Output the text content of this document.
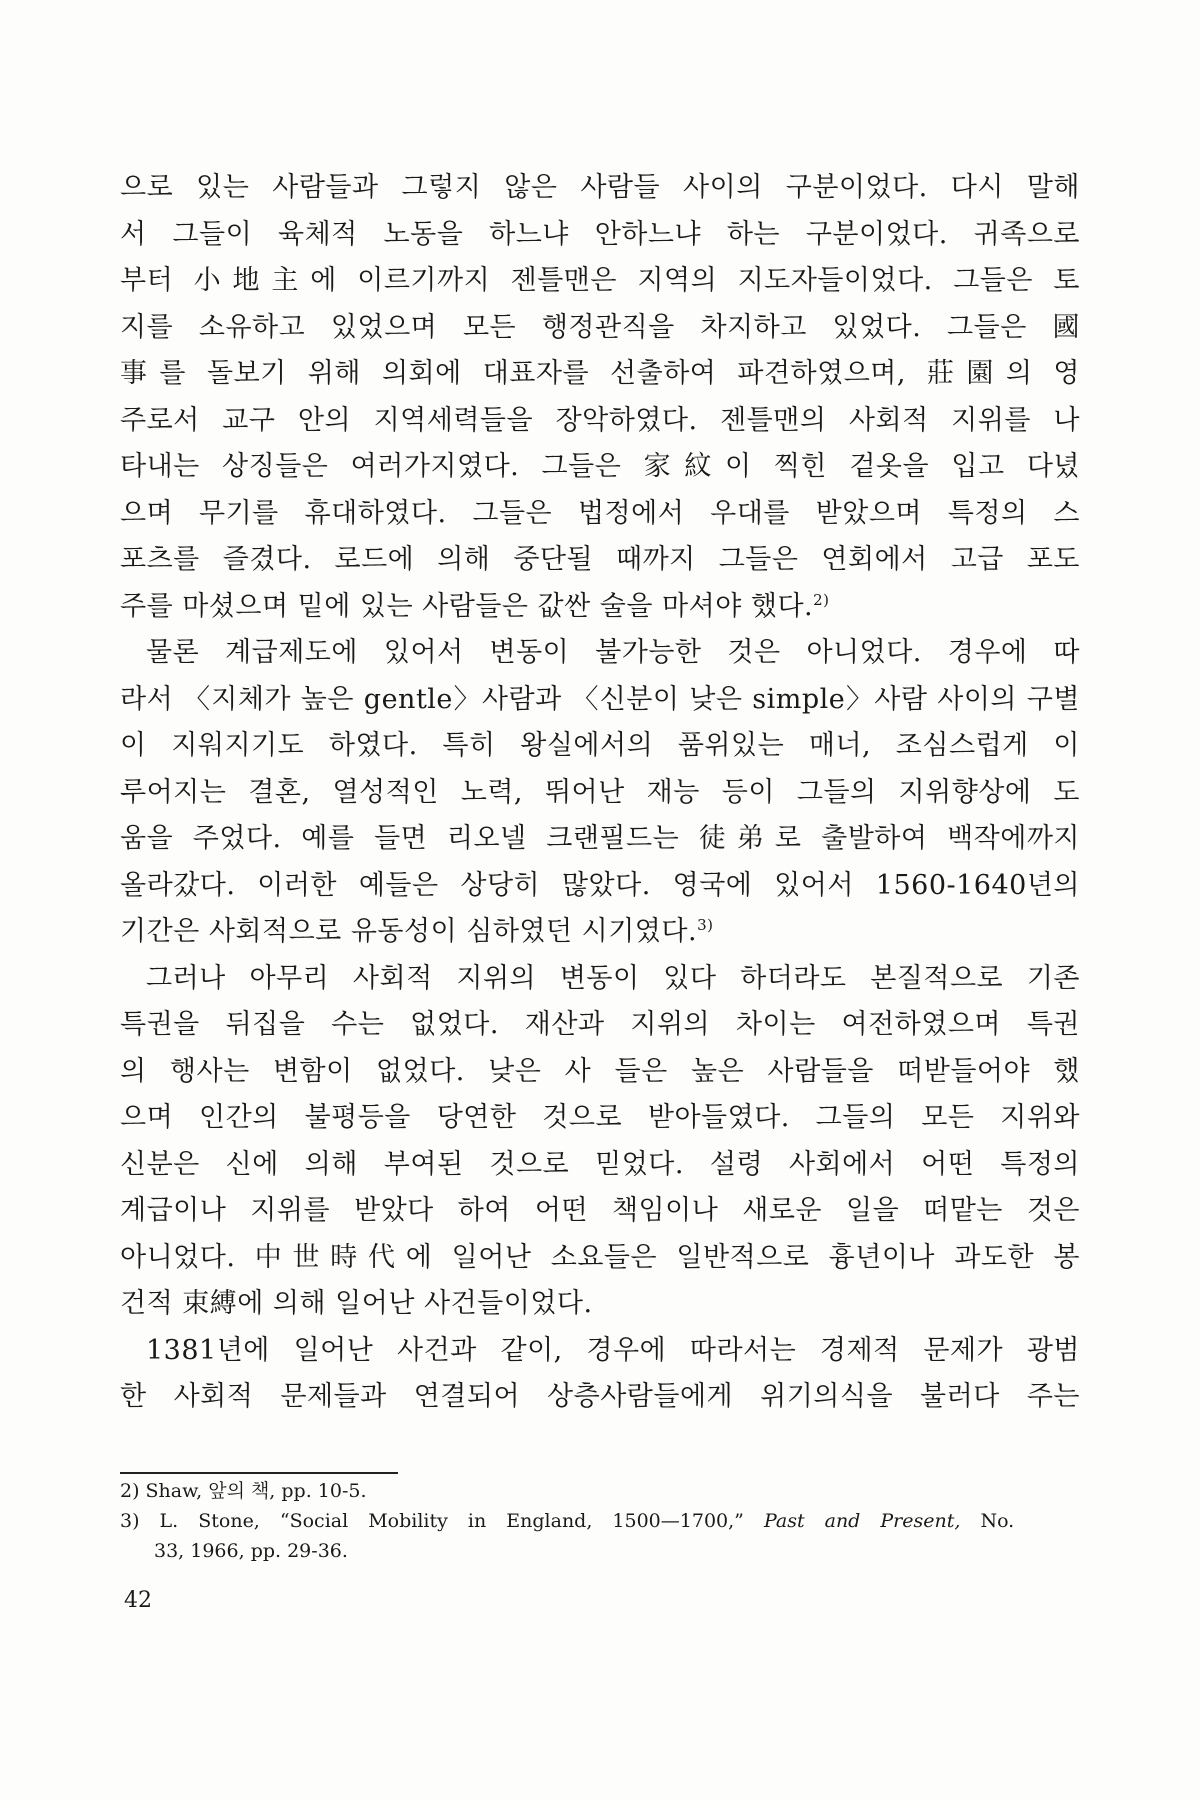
으로 있는 사람들과 그렇지 않은 사람들 사이의 구분이었다. 다시 말해
서 그들이 육체적 노동을 하느냐 안하느냐 하는 구분이었다. 귀족으로
부터 小地主에 이르기까지 젠틀맨은 지역의 지도자들이었다. 그들은 토
지를 소유하고 있었으며 모든 행정관직을 차지하고 있었다. 그들은 國
事를 돌보기 위해 의회에 대표자를 선출하여 파견하였으며, 莊園의 영
주로서 교구 안의 지역세력들을 장악하였다. 젠틀맨의 사회적 지위를 나
타내는 상징들은 여러가지였다. 그들은 家紋이 찍힌 겉옷을 입고 다녔
으며 무기를 휴대하였다. 그들은 법정에서 우대를 받았으며 특정의 스
포츠를 즐겼다. 로드에 의해 중단될 때까지 그들은 연회에서 고급 포도
주를 마셨으며 밑에 있는 사람들은 값싼 술을 마셔야 했다.$^{2)}$
물론 계급제도에 있어서 변동이 불가능한 것은 아니었다. 경우에 따
라서 〈지체가 높은 gentle〉사람과 〈신분이 낮은 simple〉사람 사이의 구별
이 지워지기도 하였다. 특히 왕실에서의 품위있는 매너, 조심스럽게 이
루어지는 결혼, 열성적인 노력, 뛰어난 재능 등이 그들의 지위향상에 도
움을 주었다. 예를 들면 리오넬 크랜필드는 徒弟로 출발하여 백작에까지
올라갔다. 이러한 예들은 상당히 많았다. 영국에 있어서 1560-1640년의
기간은 사회적으로 유동성이 심하였던 시기였다.$^{3)}$
그러나 아무리 사회적 지위의 변동이 있다 하더라도 본질적으로 기존
특권을 뒤집을 수는 없었다. 재산과 지위의 차이는 여전하였으며 특권
의 행사는 변함이 없었다. 낮은 사 들은 높은 사람들을 떠받들어야 했
으며 인간의 불평등을 당연한 것으로 받아들였다. 그들의 모든 지위와
신분은 신에 의해 부여된 것으로 믿었다. 설령 사회에서 어떤 특정의
계급이나 지위를 받았다 하여 어떤 책임이나 새로운 일을 떠맡는 것은
아니었다. 中世時代에 일어난 소요들은 일반적으로 흉년이나 과도한 봉
건적 束縛에 의해 일어난 사건들이었다.
1381년에 일어난 사건과 같이, 경우에 따라서는 경제적 문제가 광범
한 사회적 문제들과 연결되어 상층사람들에게 위기의식을 불러다 주는
2) Shaw, 앞의 책, pp. 10-5.
3) L. Stone, “Social Mobility in England, 1500—1700,” Past and Present, No.
33, 1966, pp. 29-36.
42
